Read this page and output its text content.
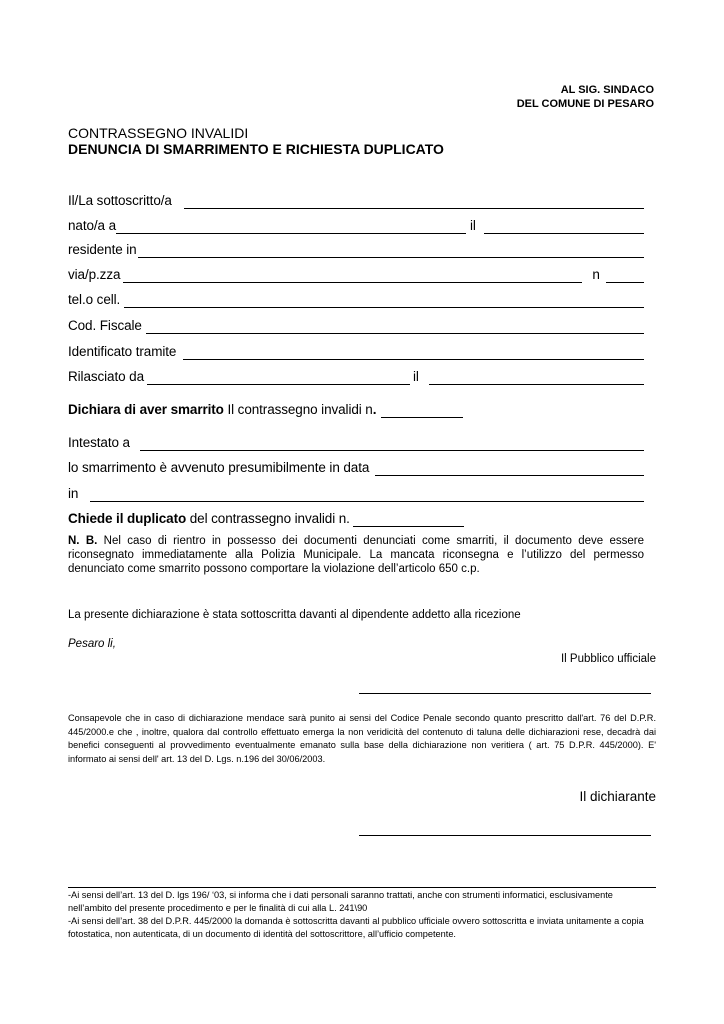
AL SIG. SINDACO
DEL COMUNE DI PESARO
CONTRASSEGNO INVALIDI
DENUNCIA DI SMARRIMENTO E RICHIESTA DUPLICATO
Il/La sottoscritto/a
nato/a a	il
residente in
via/p.zza	n
tel.o cell.
Cod. Fiscale
Identificato tramite
Rilasciato da	il
Dichiara di aver smarrito Il contrassegno invalidi n .
Intestato a
lo smarrimento è avvenuto presumibilmente in data
in
Chiede il duplicato del contrassegno invalidi n.
N. B. Nel caso di rientro in possesso dei documenti denunciati come smarriti, il documento deve essere riconsegnato immediatamente alla Polizia Municipale. La mancata riconsegna e l’utilizzo del permesso denunciato come smarrito possono comportare la violazione dell’articolo 650 c.p.
La presente dichiarazione è stata sottoscritta davanti al dipendente addetto alla ricezione
Pesaro li,
Il Pubblico ufficiale
Consapevole che in caso di dichiarazione mendace sarà punito ai sensi del Codice Penale secondo quanto prescritto dall'art. 76 del D.P.R. 445/2000.e che , inoltre, qualora dal controllo effettuato emerga la non veridicità del contenuto di taluna delle dichiarazioni rese, decadrà dai benefici conseguenti al provvedimento eventualmente emanato sulla base della dichiarazione non veritiera ( art. 75 D.P.R. 445/2000). E' informato ai sensi dell' art. 13 del D. Lgs. n.196 del 30/06/2003.
Il dichiarante
-Ai sensi dell’art. 13 del D. lgs 196/ ‘03, si informa che i dati personali saranno trattati, anche con strumenti informatici, esclusivamente nell’ambito del presente procedimento e per le finalità di cui alla L. 241\90
-Ai sensi dell’art. 38 del D.P.R. 445/2000 la domanda è sottoscritta davanti al pubblico ufficiale ovvero sottoscritta e inviata unitamente a copia fotostatica, non autenticata, di un documento di identità del sottoscrittore, all’ufficio competente.
